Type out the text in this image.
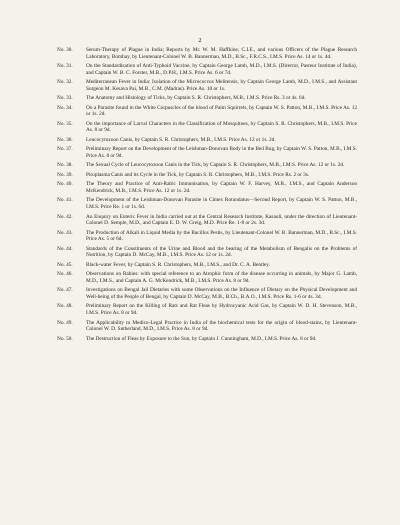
2
No. 30.	Serum-Therapy of Plague in India; Reports by Mr. W. M. Haffkine, C.I.E., and various Officers of the Plague Research Laboratory, Bombay, by Lieutenant-Colonel W. B. Bannerman, M.D., B.Sc., F.R.C.S., I.M.S. Price As. 14 or 1s. 4d.
No. 31.	On the Standardisation of Anti-Typhoid Vaccine, by Captain George Lamb, M.D., I.M.S. (Director, Pasteur Institute of India), and Captain W. B. C. Forster, M.B., D.P.H., I.M.S. Price As. 6 or 7d.
No. 32.	Mediterranean Fever in India: Isolation of the Micrococcus Melitensis, by Captain George Lamb, M.D., I.M.S., and Assistant Surgeon M. Kesava Pai, M.B., C.M. (Madras). Price As. 10 or 1s.
No. 33.	The Anatomy and Histology of Ticks, by Captain S. R. Christophers, M.B., I.M.S. Price Rs. 3 or 4s. 6d.
No. 34.	On a Parasite found in the White Corpuscles of the blood of Palm Squirrels, by Captain W. S. Patton, M.B., I.M.S. Price As. 12 or 1s. 2d.
No. 35.	On the importance of Larval Characters in the Classification of Mosquitoes, by Captain S. R. Christophers, M.B., I.M.S. Price As. 8 or 9d.
No. 36.	Leucocytozoon Canis, by Captain S. R. Christophers, M.B., I.M.S. Price As. 12 or 1s. 2d.
No. 37.	Preliminary Report on the Development of the Leishman-Donovan Body in the Bed Bug, by Captain W. S. Patton, M.B., I.M.S. Price As. 8 or 9d.
No. 38.	The Sexual Cycle of Leucocytozoon Canis in the Tick, by Captain S. R. Christophers, M.B., I.M.S. Price As. 12 or 1s. 2d.
No. 39.	Piroplasma Canis and its Cycle in the Tick, by Captain S. R. Christophers, M.B., I.M.S. Price Rs. 2 or 3s.
No. 40.	The Theory and Practice of Anti-Rabic Immunisation, by Captain W. F. Harvey, M.B., I.M.S., and Captain Anderson McKendrick, M.B., I.M.S. Price As. 12 or 1s. 2d.
No. 41.	The Development of the Leishman-Donovan Parasite in Cimex Rotundatus—Second Report, by Captain W. S. Patton, M.B., I.M.S. Price Re. 1 or 1s. 6d.
No. 42.	An Enquiry on Enteric Fever in India carried out at the Central Research Institute, Kasauli, under the direction of Lieutenant-Colonel D. Semple, M.D., and Captain E. D. W. Greig, M.D. Price Re. 1-8 or 2s. 3d.
No. 43.	The Production of Alkali in Liquid Media by the Bacillus Pestis, by Lieutenant-Colonel W. B. Bannerman, M.D., B.Sc., I.M.S. Price As. 5 or 6d.
No. 44.	Standards of the Constituents of the Urine and Blood and the bearing of the Metabolism of Bengalis on the Problems of Nutrition, by Captain D. McCay, M.B., I.M.S. Price As. 12 or 1s. 2d.
No. 45.	Black-water Fever, by Captain S. R. Christophers, M.B., I.M.S., and Dr. C. A. Bentley.
No. 46.	Observations on Rabies: with special reference to an Atrophic form of the disease occurring in animals, by Major G. Lamb, M.D., I.M.S., and Captain A. G. McKendrick, M.B., I.M.S. Price As. 8 or 9d.
No. 47.	Investigations on Bengal Jail Dietaries with some Observations on the Influence of Dietary on the Physical Development and Well-being of the People of Bengal, by Captain D. McCay, M.B., B.Ch., B.A.O., I.M.S. Price Rs. 1-6 or 4s. 3d.
No. 48.	Preliminary Report on the Killing of Rats and Rat Fleas by Hydrocyanic Acid Gas, by Captain W. D. H. Stevenson, M.B., I.M.S. Price As. 8 or 9d.
No. 49.	The Applicability to Medico-Legal Practice in India of the biochemical tests for the origin of blood-stains, by Lieutenant-Colonel W. D. Sutherland, M.D., I.M.S. Price As. 8 or 9d.
No. 50.	The Destruction of Fleas by Exposure to the Sun, by Captain J. Cunningham, M.D., I.M.S. Price As. 8 or 9d.
